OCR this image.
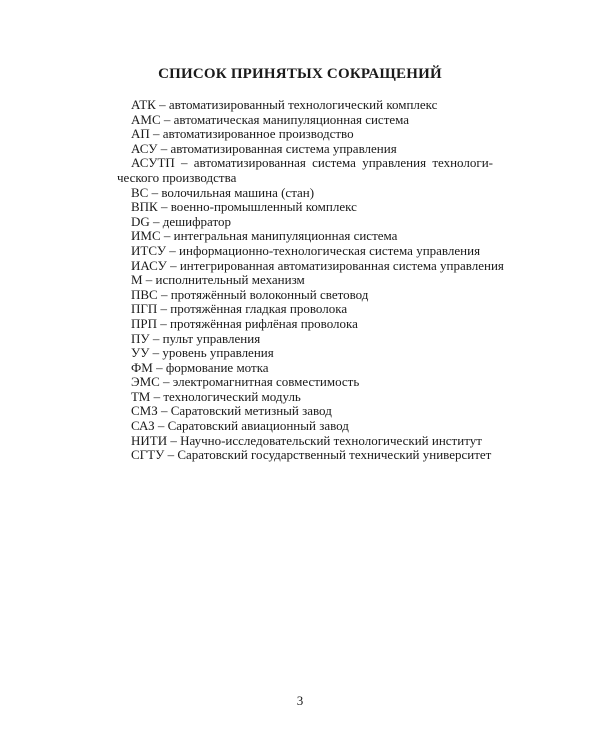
СПИСОК ПРИНЯТЫХ СОКРАЩЕНИЙ
АТК – автоматизированный технологический комплекс
АМС – автоматическая манипуляционная система
АП – автоматизированное производство
АСУ – автоматизированная система управления
АСУТП – автоматизированная система управления технологи-
ческого производства
ВС – волочильная машина (стан)
ВПК – военно-промышленный комплекс
DG – дешифратор
ИМС – интегральная манипуляционная система
ИТСУ – информационно-технологическая система управления
ИАСУ – интегрированная автоматизированная система управления
М – исполнительный механизм
ПВС – протяжённый волоконный световод
ПГП – протяжённая гладкая проволока
ПРП – протяжённая рифлёная проволока
ПУ – пульт управления
УУ – уровень управления
ФМ – формование мотка
ЭМС – электромагнитная совместимость
ТМ – технологический модуль
СМЗ – Саратовский метизный завод
САЗ – Саратовский авиационный завод
НИТИ – Научно-исследовательский технологический институт
СГТУ – Саратовский государственный технический университет
3
